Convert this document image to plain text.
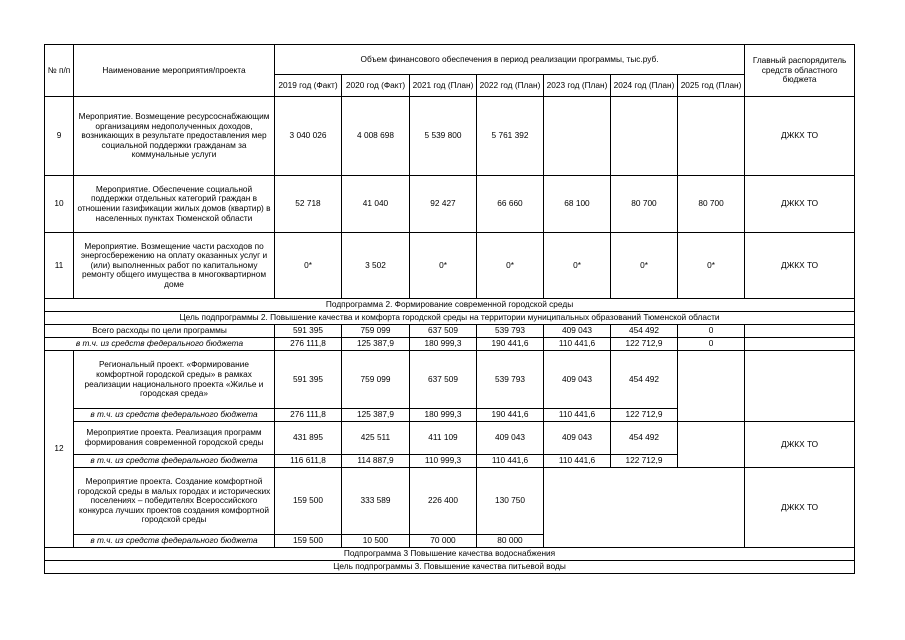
№ п/п	Наименование мероприятия/проекта	Объем финансового обеспечения в период реализации программы, тыс.руб.							Главный распорядитель средств областного бюджета
		2019 год (Факт)	2020 год (Факт)	2021 год (План)	2022 год (План)	2023 год (План)	2024 год (План)	2025 год (План)	
9	Мероприятие. Возмещение ресурсоснабжающим организациям недополученных доходов, возникающих в результате предоставления мер социальной поддержки гражданам за коммунальные услуги	3 040 026	4 008 698	5 539 800	5 761 392				ДЖКХ ТО
10	Мероприятие. Обеспечение социальной поддержки отдельных категорий граждан в отношении газификации жилых домов (квартир) в населенных пунктах Тюменской области	52 718	41 040	92 427	66 660	68 100	80 700	80 700	ДЖКХ ТО
11	Мероприятие. Возмещение части расходов по энергосбережению на оплату оказанных услуг и (или) выполненных работ по капитальному ремонту общего имущества в многоквартирном доме	0*	3 502	0*	0*	0*	0*	0*	ДЖКХ ТО
Подпрограмма 2. Формирование современной городской среды									
Цель подпрограммы 2. Повышение качества и комфорта городской среды на территории муниципальных образований Тюменской области									
Всего расходы по цели программы		591 395	759 099	637 509	539 793	409 043	454 492	0	
в т.ч. из средств федерального бюджета		276 111,8	125 387,9	180 999,3	190 441,6	110 441,6	122 712,9	0	
12	Региональный проект. «Формирование комфортной городской среды» в рамках реализации национального проекта «Жилье и городская среда»	591 395	759 099	637 509	539 793	409 043	454 492		
	в т.ч. из средств федерального бюджета	276 111,8	125 387,9	180 999,3	190 441,6	110 441,6	122 712,9		
	Мероприятие проекта. Реализация программ формирования современной городской среды	431 895	425 511	411 109	409 043	409 043	454 492		ДЖКХ ТО
	в т.ч. из средств федерального бюджета	116 611,8	114 887,9	110 999,3	110 441,6	110 441,6	122 712,9		
	Мероприятие проекта. Создание комфортной городской среды в малых городах и исторических поселениях – победителях Всероссийского конкурса лучших проектов создания комфортной городской среды	159 500	333 589	226 400	130 750				ДЖКХ ТО
	в т.ч. из средств федерального бюджета	159 500	10 500	70 000	80 000				
Подпрограмма 3 Повышение качества водоснабжения									
Цель подпрограммы 3. Повышение качества питьевой воды									
